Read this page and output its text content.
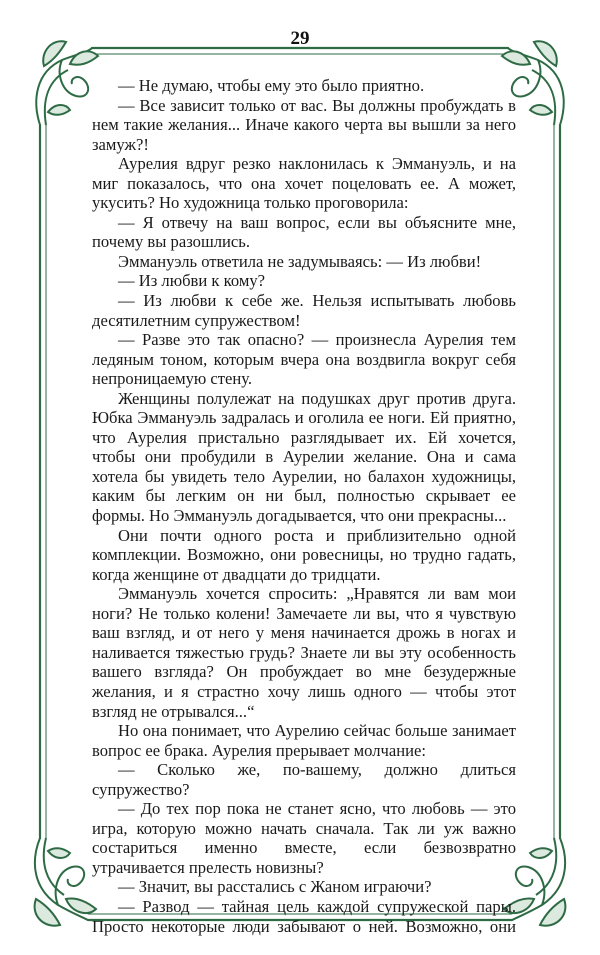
29

— Не думаю, чтобы ему это было приятно.

— Все зависит только от вас. Вы должны пробуждать в нем такие желания... Иначе какого черта вы вышли за него замуж?!

Аурелия вдруг резко наклонилась к Эммануэль, и на миг показалось, что она хочет поцеловать ее. А может, укусить? Но художница только проговорила:

— Я отвечу на ваш вопрос, если вы объясните мне, почему вы разошлись.

Эммануэль ответила не задумываясь: — Из любви!

— Из любви к кому?

— Из любви к себе же. Нельзя испытывать любовь десятилетним супружеством!

— Разве это так опасно? — произнесла Аурелия тем ледяным тоном, которым вчера она воздвигла вокруг себя непроницаемую стену.

Женщины полулежат на подушках друг против друга. Юбка Эммануэль задралась и оголила ее ноги. Ей приятно, что Аурелия пристально разглядывает их. Ей хочется, чтобы они пробудили в Аурелии желание. Она и сама хотела бы увидеть тело Аурелии, но балахон художницы, каким бы легким он ни был, полностью скрывает ее формы. Но Эммануэль догадывается, что они прекрасны...

Они почти одного роста и приблизительно одной комплекции. Возможно, они ровесницы, но трудно гадать, когда женщине от двадцати до тридцати.

Эммануэль хочется спросить: „Нравятся ли вам мои ноги? Не только колени! Замечаете ли вы, что я чувствую ваш взгляд, и от него у меня начинается дрожь в ногах и наливается тяжестью грудь? Знаете ли вы эту особенность вашего взгляда? Он пробуждает во мне безудержные желания, и я страстно хочу лишь одного — чтобы этот взгляд не отрывался...“

Но она понимает, что Аурелию сейчас больше занимает вопрос ее брака. Аурелия прерывает молчание:

— Сколько же, по-вашему, должно длиться супружество?

— До тех пор пока не станет ясно, что любовь — это игра, которую можно начать сначала. Так ли уж важно состариться именно вместе, если безвозвратно утрачивается прелесть новизны?

— Значит, вы расстались с Жаном играючи?

— Развод — тайная цель каждой супружеской пары. Просто некоторые люди забывают о ней. Возможно, они
